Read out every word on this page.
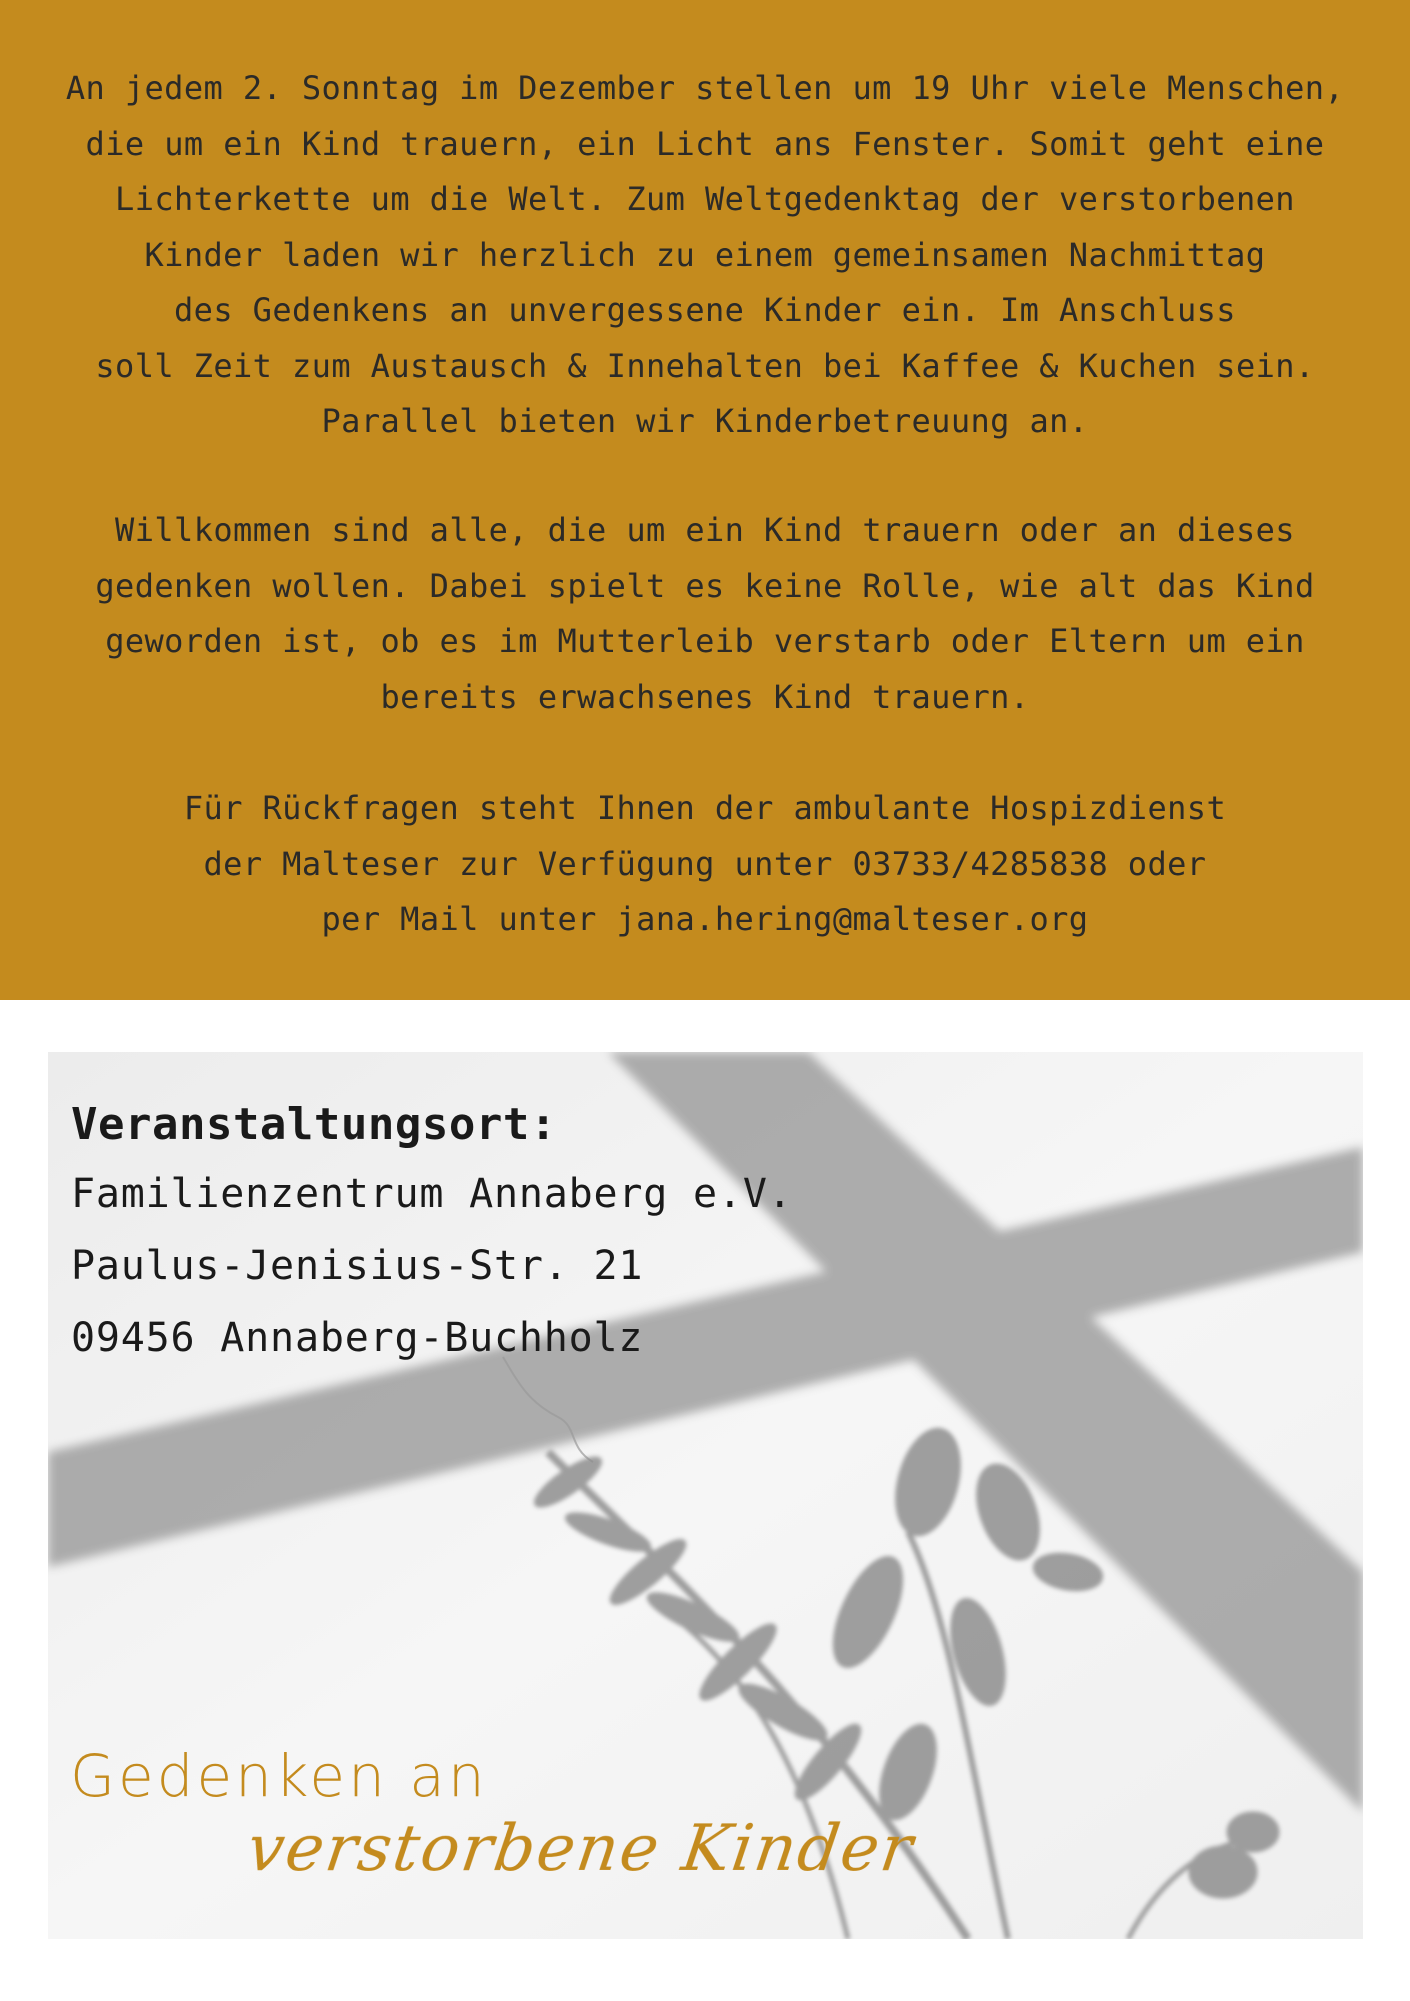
An jedem 2. Sonntag im Dezember stellen um 19 Uhr viele Menschen,
die um ein Kind trauern, ein Licht ans Fenster. Somit geht eine
Lichterkette um die Welt. Zum Weltgedenktag der verstorbenen
Kinder laden wir herzlich zu einem gemeinsamen Nachmittag
des Gedenkens an unvergessene Kinder ein. Im Anschluss
soll Zeit zum Austausch & Innehalten bei Kaffee & Kuchen sein.
Parallel bieten wir Kinderbetreuung an.
Willkommen sind alle, die um ein Kind trauern oder an dieses
gedenken wollen. Dabei spielt es keine Rolle, wie alt das Kind
geworden ist, ob es im Mutterleib verstarb oder Eltern um ein
bereits erwachsenes Kind trauern.
Für Rückfragen steht Ihnen der ambulante Hospizdienst
der Malteser zur Verfügung unter 03733/4285838 oder
per Mail unter jana.hering@malteser.org
Veranstaltungsort:
Familienzentrum Annaberg e.V.
Paulus-Jenisius-Str. 21
09456 Annaberg-Buchholz
Gedenken an
verstorbene Kinder
